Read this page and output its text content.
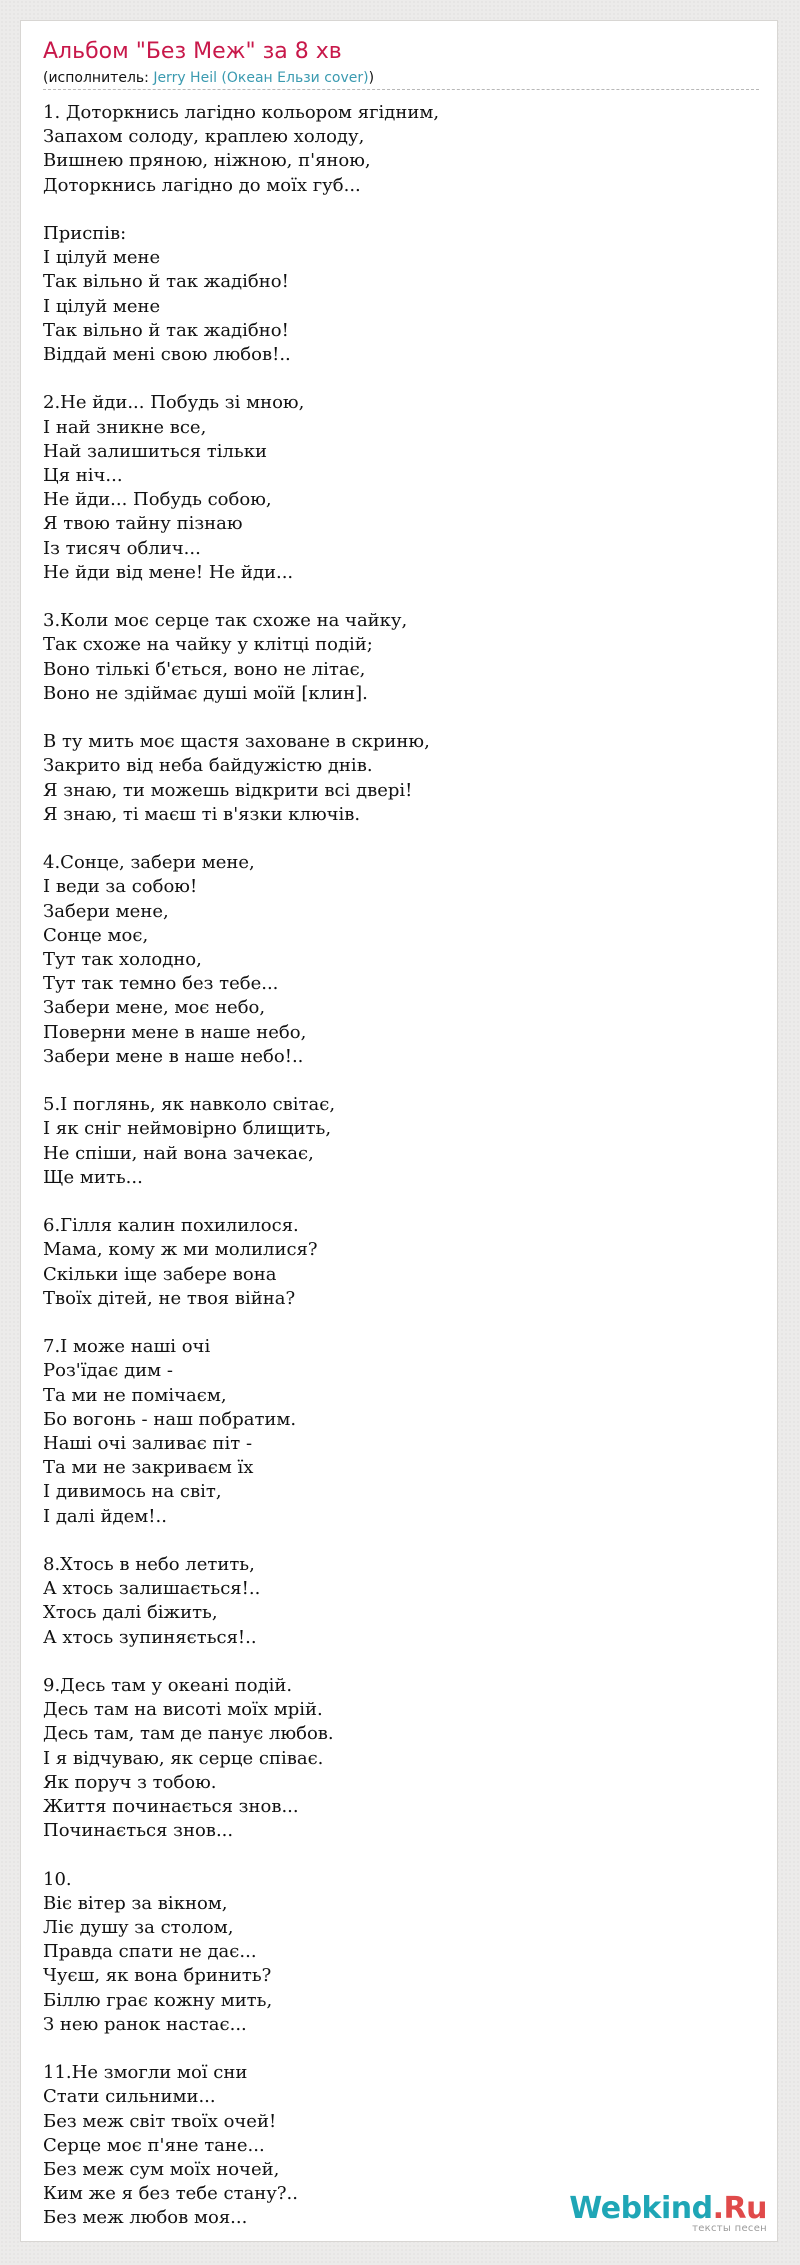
Альбом "Без Меж" за 8 хв
(исполнитель: Jerry Heil (Океан Ельзи cover))
1. Доторкнись лагідно кольором ягідним,
Запахом солоду, краплею холоду,
Вишнею пряною, ніжною, п'яною,
Доторкнись лагідно до моїх губ...
Приспів:
І цілуй мене
Так вільно й так жадібно!
І цілуй мене
Так вільно й так жадібно!
Віддай мені свою любов!..
2.Не йди... Побудь зі мною,
І най зникне все,
Най залишиться тільки
Ця ніч...
Не йди... Побудь собою,
Я твою тайну пізнаю
Із тисяч облич...
Не йди від мене! Не йди...
3.Коли моє серце так схоже на чайку,
Так схоже на чайку у клітці подій;
Воно тількі б'ється, воно не літає,
Воно не здіймає душі моїй [клин].
В ту мить моє щастя заховане в скриню,
Закрито від неба байдужістю днів.
Я знаю, ти можешь відкрити всі двері!
Я знаю, ті маєш ті в'язки ключів.
4.Сонце, забери мене,
І веди за собою!
Забери мене,
Сонце моє,
Тут так холодно,
Тут так темно без тебе...
Забери мене, моє небо,
Поверни мене в наше небо,
Забери мене в наше небо!..
5.І поглянь, як навколо світає,
І як сніг неймовірно блищить,
Не спіши, най вона зачекає,
Ще мить...
6.Гілля калин похилилося.
Мама, кому ж ми молилися?
Скільки іще забере вона
Твоїх дітей, не твоя війна?
7.І може наші очі
Роз'їдає дим -
Та ми не помічаєм,
Бо вогонь - наш побратим.
Наші очі заливає піт -
Та ми не закриваєм їх
І дивимось на світ,
І далі йдем!..
8.Хтось в небо летить,
А хтось залишається!..
Хтось далі біжить,
А хтось зупиняється!..
9.Десь там у океані подій.
Десь там на висоті моїх мрій.
Десь там, там де панує любов.
І я відчуваю, як серце співає.
Як поруч з тобою.
Життя починається знов...
Починається знов...
10.
Віє вітер за вікном,
Ліє душу за столом,
Правда спати не дає...
Чуєш, як вона бринить?
Біллю грає кожну мить,
З нею ранок настає...
11.Не змогли мої сни
Стати сильними...
Без меж світ твоїх очей!
Серце моє п'яне тане...
Без меж сум моїх ночей,
Ким же я без тебе стану?..
Без меж любов моя...	Webkind.Ru
тексты песен
